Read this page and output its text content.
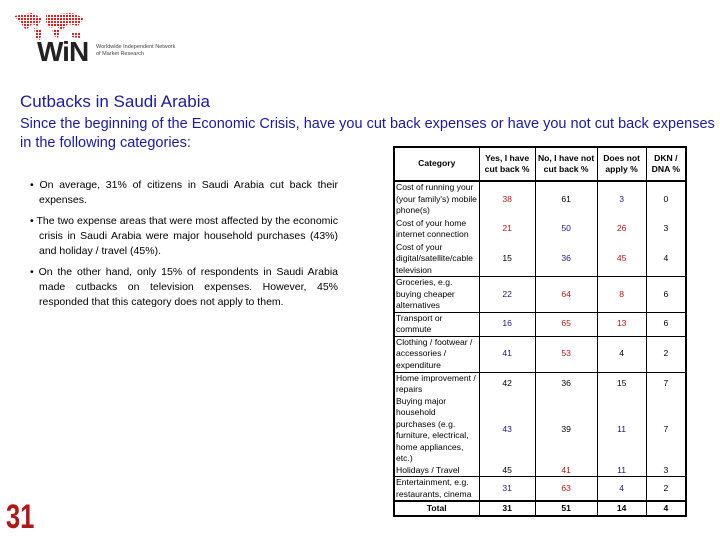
WiN Worldwide Independent Network of Market Research
Cutbacks in Saudi Arabia
Since the beginning of the Economic Crisis, have you cut back expenses or have you not cut back expenses in the following categories:
• On average, 31% of citizens in Saudi Arabia cut back their expenses.
• The two expense areas that were most affected by the economic crisis in Saudi Arabia were major household purchases (43%) and holiday / travel (45%).
• On the other hand, only 15% of respondents in Saudi Arabia made cutbacks on television expenses. However, 45% responded that this category does not apply to them.
31
Category	Yes, I have cut back %	No, I have not cut back %	Does not apply %	DKN / DNA %
Cost of running your (your family's) mobile phone(s)	38	61	3	0
Cost of your home internet connection	21	50	26	3
Cost of your digital/satellite/cable television	15	36	45	4
Groceries, e.g. buying cheaper alternatives	22	64	8	6
Transport or commute	16	65	13	6
Clothing / footwear / accessories / expenditure	41	53	4	2
Home improvement / repairs	42	36	15	7
Buying major household purchases (e.g. furniture, electrical, home appliances, etc.)	43	39	11	7
Holidays / Travel	45	41	11	3
Entertainment, e.g. restaurants, cinema	31	63	4	2
Total	31	51	14	4
